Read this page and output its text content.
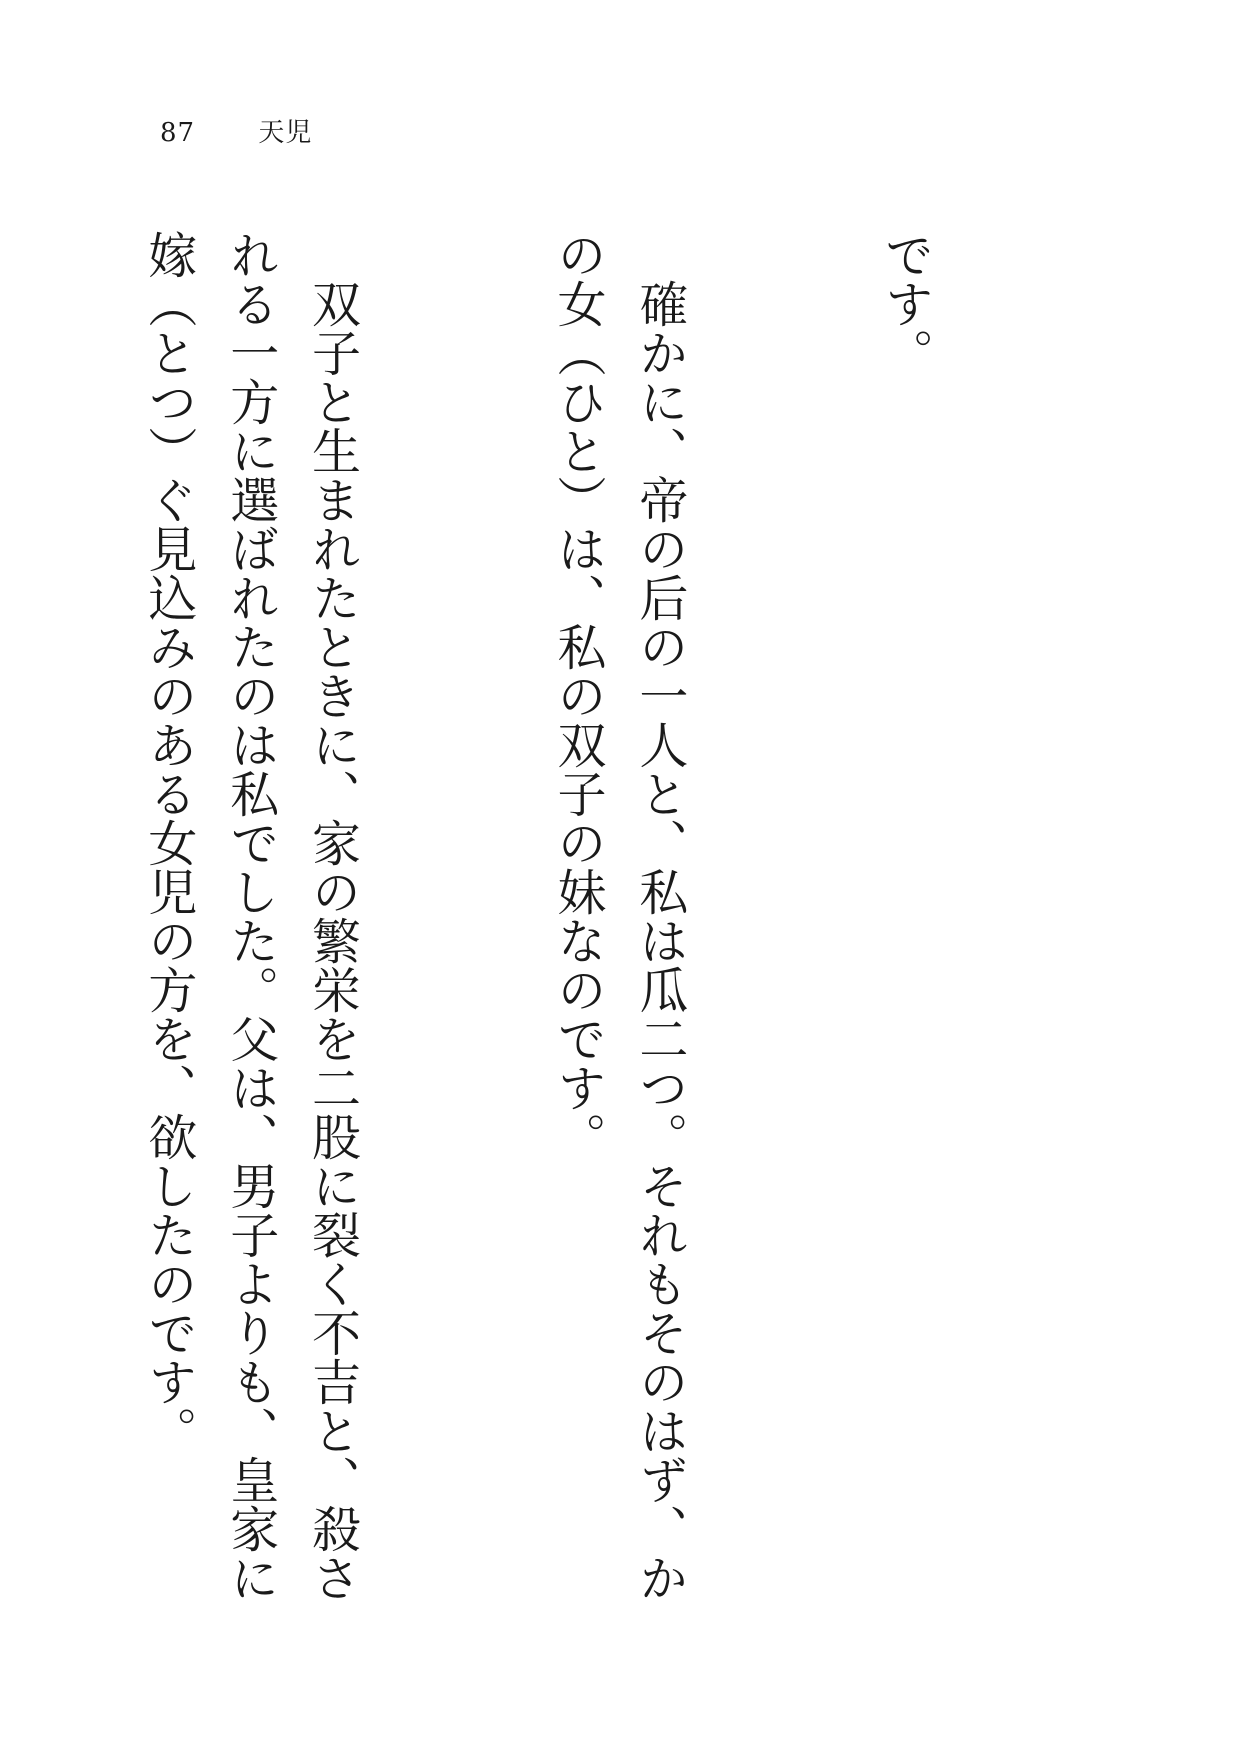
87 天児

です。

　確かに、帝の后の一人と、私は瓜二つ。それもそのはず、か
の女（ひと）は、私の双子の妹なのです。

　双子と生まれたときに、家の繁栄を二股に裂く不吉と、殺さ
れる一方に選ばれたのは私でした。父は、男子よりも、皇家に
嫁（とつ）ぐ見込みのある女児の方を、欲したのです。
